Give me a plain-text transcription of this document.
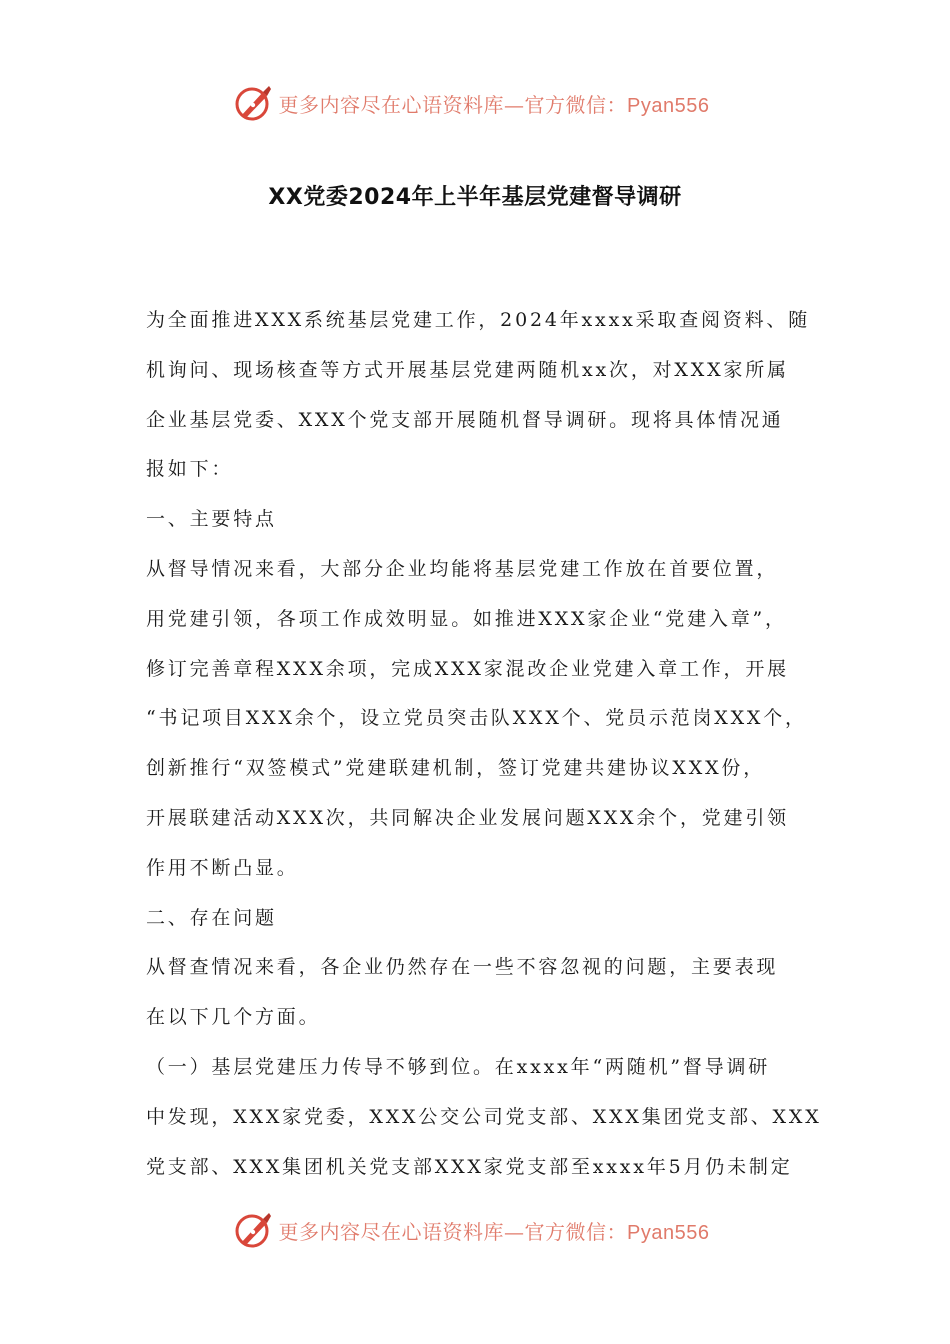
更多内容尽在心语资料库—官方微信：Pyan556
XX党委2024年上半年基层党建督导调研
为全面推进XXX系统基层党建工作，2024年xxxx采取查阅资料、随
机询问、现场核查等方式开展基层党建两随机xx次，对XXX家所属
企业基层党委、XXX个党支部开展随机督导调研。现将具体情况通
报如下：
一、主要特点
从督导情况来看，大部分企业均能将基层党建工作放在首要位置，
用党建引领，各项工作成效明显。如推进XXX家企业“党建入章”，
修订完善章程XXX余项，完成XXX家混改企业党建入章工作，开展
“书记项目XXX余个，设立党员突击队XXX个、党员示范岗XXX个，
创新推行“双签模式”党建联建机制，签订党建共建协议XXX份，
开展联建活动XXX次，共同解决企业发展问题XXX余个，党建引领
作用不断凸显。
二、存在问题
从督查情况来看，各企业仍然存在一些不容忽视的问题，主要表现
在以下几个方面。
（一）基层党建压力传导不够到位。在xxxx年“两随机”督导调研
中发现，XXX家党委，XXX公交公司党支部、XXX集团党支部、XXX
党支部、XXX集团机关党支部XXX家党支部至xxxx年5月仍未制定
更多内容尽在心语资料库—官方微信：Pyan556
